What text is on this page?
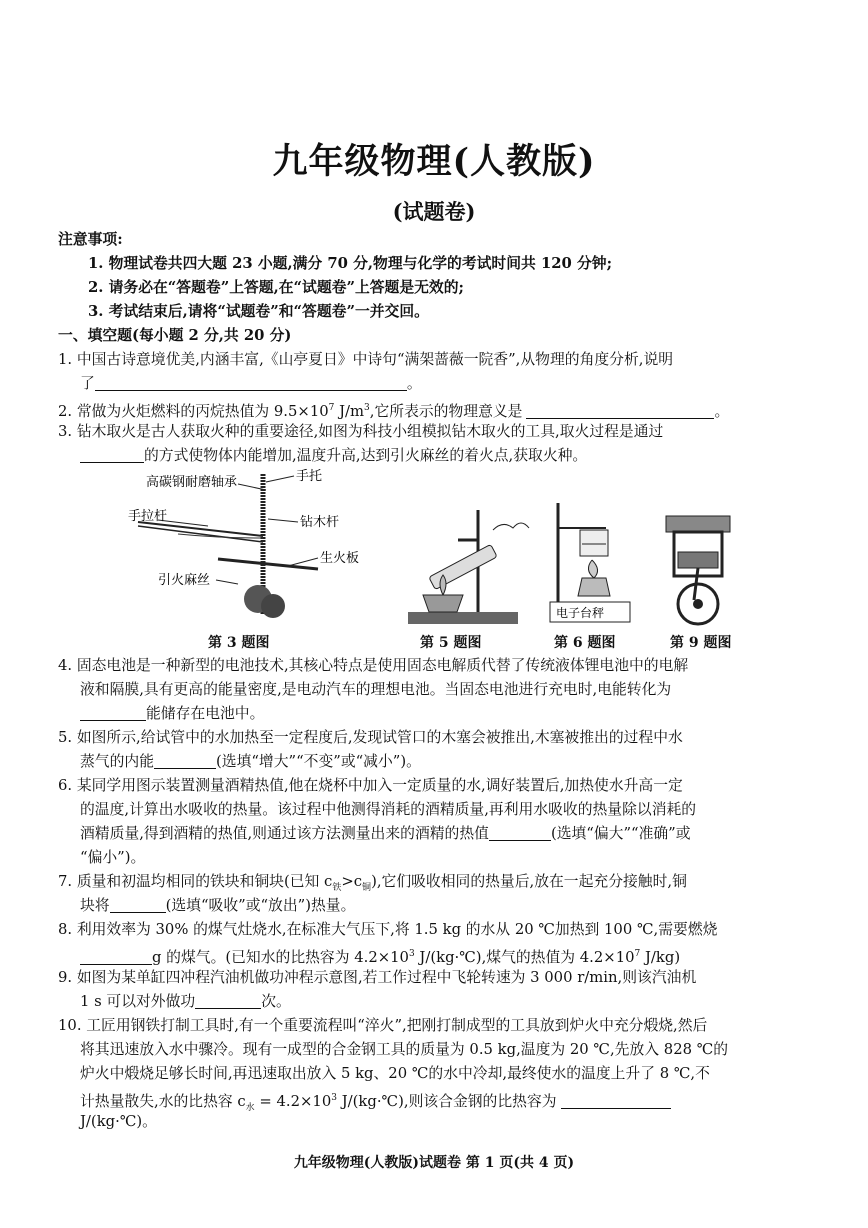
九年级物理(人教版)
(试题卷)
注意事项:
1. 物理试卷共四大题 23 小题,满分 70 分,物理与化学的考试时间共 120 分钟;
2. 请务必在“答题卷”上答题,在“试题卷”上答题是无效的;
3. 考试结束后,请将“试题卷”和“答题卷”一并交回。
一、填空题(每小题 2 分,共 20 分)
1. 中国古诗意境优美,内涵丰富,《山亭夏日》中诗句“满架蔷薇一院香”,从物理的角度分析,说明
了	。
2. 常做为火炬燃料的丙烷热值为 $9.5\times 10^7$ $J/m^3$,它所表示的物理意义是	。
3. 钻木取火是古人获取火种的重要途径,如图为科技小组模拟钻木取火的工具,取火过程是通过
的方式使物体内能增加,温度升高,达到引火麻丝的着火点,获取火种。
高碳钢耐磨轴承	手托
手拉杆	钻木杆
生火板
引火麻丝
第 3 题图	第 5 题图
电子台秤
第 6 题图	第 9 题图
4. 固态电池是一种新型的电池技术,其核心特点是使用固态电解质代替了传统液体锂电池中的电解
液和隔膜,具有更高的能量密度,是电动汽车的理想电池。当固态电池进行充电时,电能转化为
能储存在电池中。
5. 如图所示,给试管中的水加热至一定程度后,发现试管口的木塞会被推出,木塞被推出的过程中水
蒸气的内能	(选填“增大”“不变”或“减小”)。
6. 某同学用图示装置测量酒精热值,他在烧杯中加入一定质量的水,调好装置后,加热使水升高一定
的温度,计算出水吸收的热量。该过程中他测得消耗的酒精质量,再利用水吸收的热量除以消耗的
酒精质量,得到酒精的热值,则通过该方法测量出来的酒精的热值	(选填“偏大”“准确”或
“偏小”)。
7. 质量和初温均相同的铁块和铜块(已知 $c_铁>c_铜$),它们吸收相同的热量后,放在一起充分接触时,铜
块将	(选填“吸收”或“放出”)热量。
8. 利用效率为 30% 的煤气灶烧水,在标准大气压下,将 1.5 kg 的水从 20 ℃加热到 100 ℃,需要燃烧
g 的煤气。(已知水的比热容为 $4.2\times 10^3$ J/(kg·℃),煤气的热值为 $4.2\times 10^7$ J/kg)
9. 如图为某单缸四冲程汽油机做功冲程示意图,若工作过程中飞轮转速为 3 000 r/min,则该汽油机
1 s 可以对外做功	次。
10. 工匠用钢铁打制工具时,有一个重要流程叫“淬火”,把刚打制成型的工具放到炉火中充分煅烧,然后
将其迅速放入水中骤冷。现有一成型的合金钢工具的质量为 0.5 kg,温度为 20 ℃,先放入 828 ℃的
炉火中煅烧足够长时间,再迅速取出放入 5 kg、20 ℃的水中冷却,最终使水的温度上升了 8 ℃,不
计热量散失,水的比热容 $c_水 = 4.2\times 10^3$ J/(kg·℃),则该合金钢的比热容为
J/(kg·℃)。
九年级物理(人教版)试题卷 第 1 页(共 4 页)
